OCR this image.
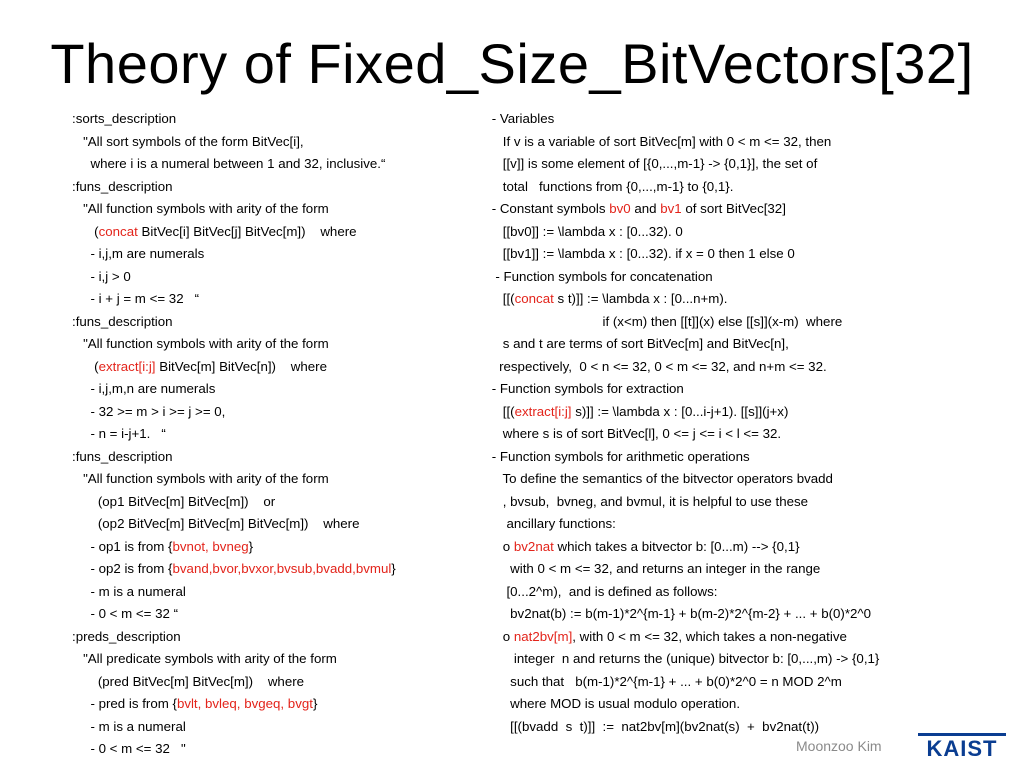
Theory of Fixed_Size_BitVectors[32]
:sorts_description
"All sort symbols of the form BitVec[i],
where i is a numeral between 1 and 32, inclusive.“
:funs_description
"All function symbols with arity of the form
(concat BitVec[i] BitVec[j] BitVec[m])    where
- i,j,m are numerals
- i,j > 0
- i + j = m <= 32   “
:funs_description
"All function symbols with arity of the form
(extract[i:j] BitVec[m] BitVec[n])    where
- i,j,m,n are numerals
- 32 >= m > i >= j >= 0,
- n = i-j+1.   “
:funs_description
"All function symbols with arity of the form
(op1 BitVec[m] BitVec[m])    or
(op2 BitVec[m] BitVec[m] BitVec[m])    where
- op1 is from {bvnot, bvneg}
- op2 is from {bvand,bvor,bvxor,bvsub,bvadd,bvmul}
- m is a numeral
- 0 < m <= 32 “
:preds_description
"All predicate symbols with arity of the form
(pred BitVec[m] BitVec[m])    where
- pred is from {bvlt, bvleq, bvgeq, bvgt}
- m is a numeral
- 0 < m <= 32   "
- Variables
If v is a variable of sort BitVec[m] with 0 < m <= 32, then
[[v]] is some element of [{0,...,m-1} -> {0,1}], the set of
total   functions from {0,...,m-1} to {0,1}.
- Constant symbols bv0 and bv1 of sort BitVec[32]
[[bv0]] := \lambda x : [0...32). 0
[[bv1]] := \lambda x : [0...32). if x = 0 then 1 else 0
- Function symbols for concatenation
[[(concat s t)]] := \lambda x : [0...n+m).
if (x<m) then [[t]](x) else [[s]](x-m)  where
s and t are terms of sort BitVec[m] and BitVec[n],
respectively,  0 < n <= 32, 0 < m <= 32, and n+m <= 32.
- Function symbols for extraction
[[(extract[i:j] s)]] := \lambda x : [0...i-j+1). [[s]](j+x)
where s is of sort BitVec[l], 0 <= j <= i < l <= 32.
- Function symbols for arithmetic operations
To define the semantics of the bitvector operators bvadd
, bvsub,  bvneg, and bvmul, it is helpful to use these
ancillary functions:
o bv2nat which takes a bitvector b: [0...m) --> {0,1}
with 0 < m <= 32, and returns an integer in the range
[0...2^m),  and is defined as follows:
bv2nat(b) := b(m-1)*2^{m-1} + b(m-2)*2^{m-2} + ... + b(0)*2^0
o nat2bv[m], with 0 < m <= 32, which takes a non-negative
integer  n and returns the (unique) bitvector b: [0,...,m) -> {0,1}
such that   b(m-1)*2^{m-1} + ... + b(0)*2^0 = n MOD 2^m
where MOD is usual modulo operation.
[[(bvadd  s  t)]]  :=  nat2bv[m](bv2nat(s)  +  bv2nat(t))
Moonzoo Kim KAIST
